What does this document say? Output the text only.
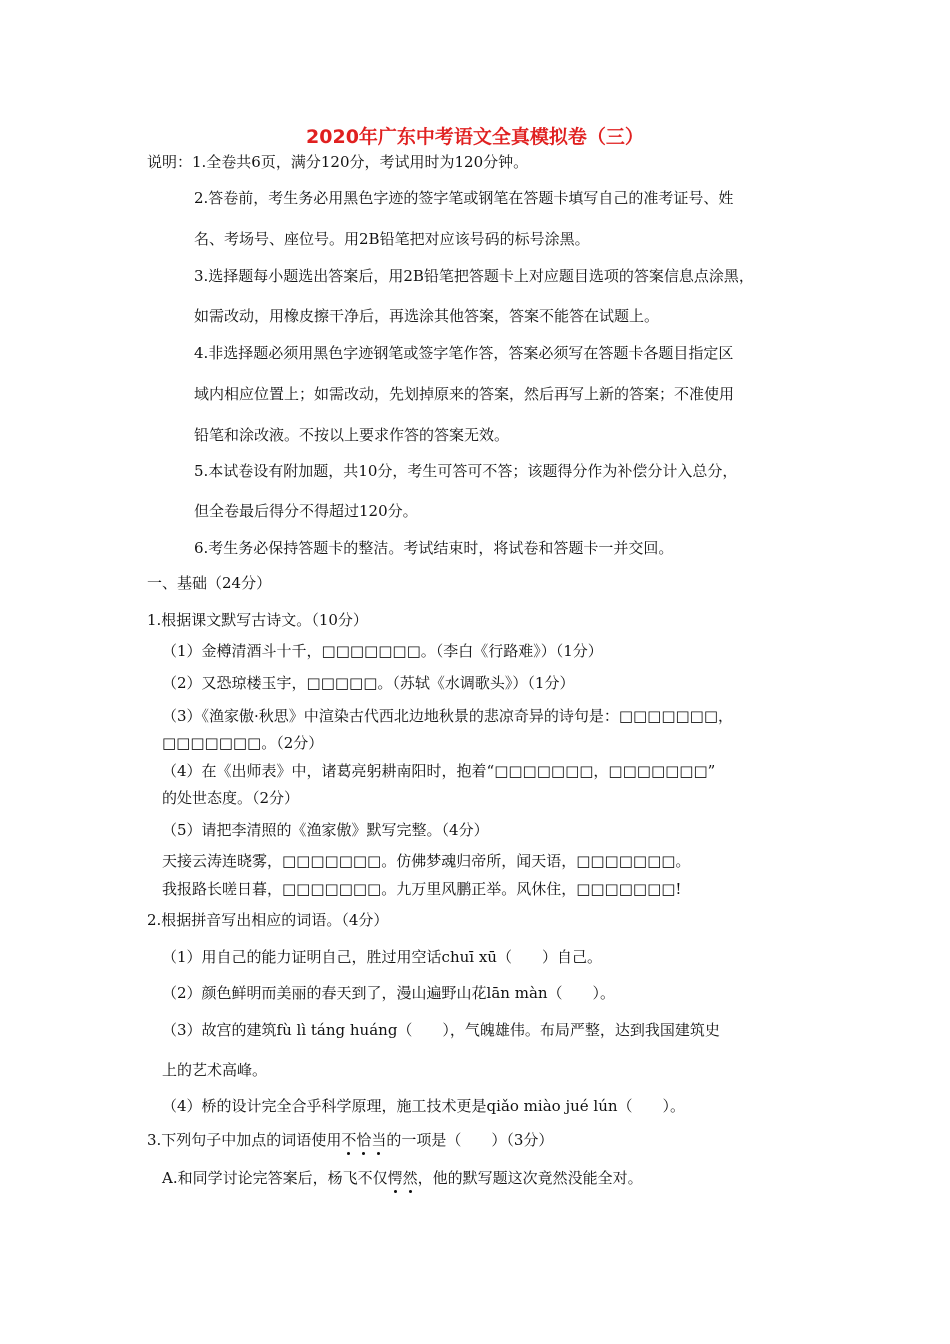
2020年广东中考语文全真模拟卷（三）
说明：1.全卷共6页，满分120分，考试用时为120分钟。
2.答卷前，考生务必用黑色字迹的签字笔或钢笔在答题卡填写自己的准考证号、姓
名、考场号、座位号。用2B铅笔把对应该号码的标号涂黑。
3.选择题每小题选出答案后，用2B铅笔把答题卡上对应题目选项的答案信息点涂黑，
如需改动，用橡皮擦干净后，再选涂其他答案，答案不能答在试题上。
4.非选择题必须用黑色字迹钢笔或签字笔作答，答案必须写在答题卡各题目指定区
域内相应位置上；如需改动，先划掉原来的答案，然后再写上新的答案；不准使用
铅笔和涂改液。不按以上要求作答的答案无效。
5.本试卷设有附加题，共10分，考生可答可不答；该题得分作为补偿分计入总分，
但全卷最后得分不得超过120分。
6.考生务必保持答题卡的整洁。考试结束时，将试卷和答题卡一并交回。
一、基础（24分）
1.根据课文默写古诗文。（10分）
（1）金樽清酒斗十千，□□□□□□□。（李白《行路难》）（1分）
（2）又恐琼楼玉宇，□□□□□。（苏轼《水调歌头》）（1分）
（3）《渔家傲·秋思》中渲染古代西北边地秋景的悲凉奇异的诗句是：□□□□□□□，
□□□□□□□。（2分）
（4）在《出师表》中，诸葛亮躬耕南阳时，抱着“□□□□□□□，□□□□□□□”
的处世态度。（2分）
（5）请把李清照的《渔家傲》默写完整。（4分）
天接云涛连晓雾，□□□□□□□。仿佛梦魂归帝所，闻天语，□□□□□□□。
我报路长嗟日暮，□□□□□□□。九万里风鹏正举。风休住，□□□□□□□!
2.根据拼音写出相应的词语。（4分）
（1）用自己的能力证明自己，胜过用空话chuī xū（　　）自己。
（2）颜色鲜明而美丽的春天到了，漫山遍野山花lān màn（　　）。
（3）故宫的建筑fù lì táng huáng（　　），气魄雄伟。布局严整，达到我国建筑史
上的艺术高峰。
（4）桥的设计完全合乎科学原理，施工技术更是qiǎo miào jué lún（　　）。
3.下列句子中加点的词语使用不恰当的一项是（　　）（3分）
A.和同学讨论完答案后，杨飞不仅愕然，他的默写题这次竟然没能全对。
